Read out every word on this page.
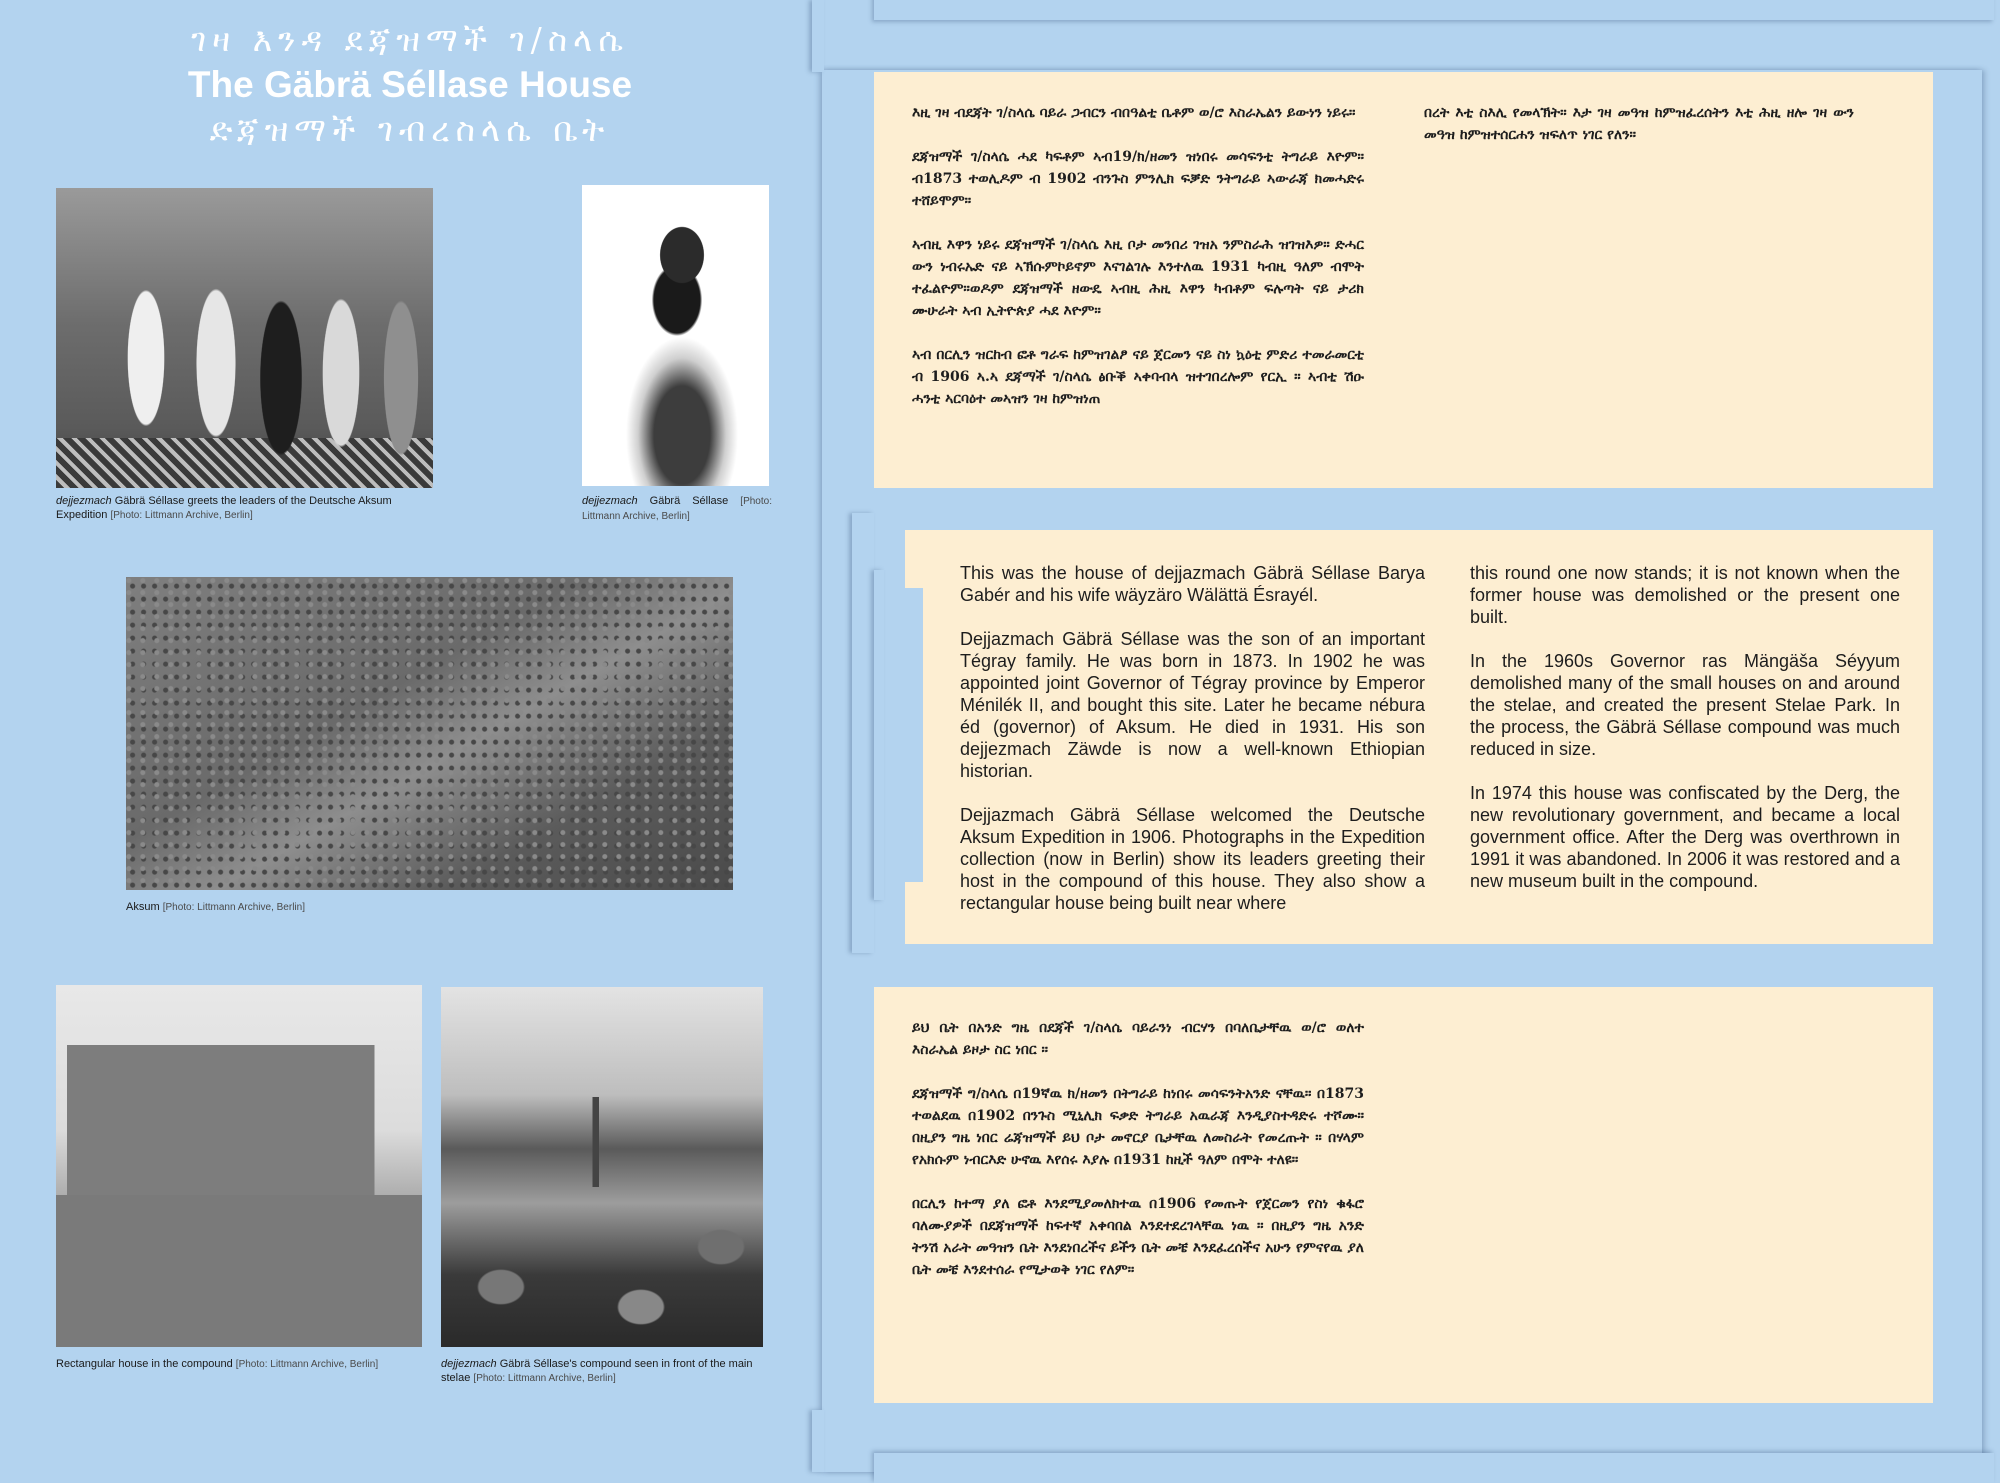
ገዛ እንዳ ደጃዝማች ገ/ስላሴ
The Gäbrä Séllase House
ድጃዝማች ገብረስላሴ ቤት
dejjezmach Gäbrä Séllase greets the leaders of the Deutsche Aksum Expedition [Photo: Littmann Archive, Berlin]
dejjezmach Gäbrä Séllase [Photo: Littmann Archive, Berlin]
Aksum [Photo: Littmann Archive, Berlin]
Rectangular house in the compound [Photo: Littmann Archive, Berlin]	dejjezmach Gäbrä Séllase's compound seen in front of the main stelae [Photo: Littmann Archive, Berlin]

እዚ ገዛ ብደጃት ገ/ስላሴ ባይራ ጋብርን ብበዓልቲ ቤቶም ወ/ሮ እስራኤልን ይውነን ነይሩ።

ደጃዝማች ገ/ስላሴ ሓደ ካፍቶም ኣብ19/ክ/ዘመን ዝነበሩ መሳፍንቲ ትግራይ እዮም። ብ1873 ተወሊዶም ብ 1902 ብንጉስ ምንሊክ ፍቓድ ንትግራይ ኣውራጃ ክመሓድሩ ተሸይሞም።

ኣብዚ እዋን ነይሩ ደጃዝማች ገ/ስላሴ እዚ ቦታ መንበሪ ገዝአ ንምስራሕ ዝገዝእዎ። ድሓር ውን ነብሩኡድ ናይ ኣኽሱምኮይኖም እናገልገሉ እንተለዉ 1931 ካብዚ ዓለም ብሞት ተፈልዮም።ወዶም ደጃዝማች ዘውዴ ኣብዚ ሕዚ እዋን ካብቶም ፍሉጣት ናይ ታሪክ ሙሁራት ኣብ ኢትዮጵያ ሓደ እዮም።

ኣብ በርሊን ዝርከብ ፎቶ ግራፍ ከምዝገልፆ ናይ ጀርመን ናይ ስነ ኳዕቲ ምድሪ ተመራመርቲ ብ 1906 ኣ.ኣ ደጃማች ገ/ስላሴ ፅቡቕ ኣቀባብላ ዝተገበረሎም የርኢ ። ኣብቲ ሽዑ ሓንቲ ኣርባዕተ መኣዝን ገዛ ከምዝነጠ

በረት እቲ ስእሊ የመላኽት። እታ ገዛ መዓዝ ከምዝፈረሰትን እቲ ሕዚ ዘሎ ገዛ ውን መዓዝ ከምዝተሰርሐን ዝፍለጥ ነገር የለን።

This was the house of dejjazmach Gäbrä Séllase Barya Gabér and his wife wäyzäro Wälättä Ésrayél.

Dejjazmach Gäbrä Séllase was the son of an important Tégray family. He was born in 1873. In 1902 he was appointed joint Governor of Tégray province by Emperor Ménilék II, and bought this site. Later he became nébura éd (governor) of Aksum. He died in 1931. His son dejjezmach Zäwde is now a well-known Ethiopian historian.

Dejjazmach Gäbrä Séllase welcomed the Deutsche Aksum Expedition in 1906. Photographs in the Expedition collection (now in Berlin) show its leaders greeting their host in the compound of this house. They also show a rectangular house being built near where

this round one now stands; it is not known when the former house was demolished or the present one built.

In the 1960s Governor ras Mängäša Séyyum demolished many of the small houses on and around the stelae, and created the present Stelae Park. In the process, the Gäbrä Séllase compound was much reduced in size.

In 1974 this house was confiscated by the Derg, the new revolutionary government, and became a local government office. After the Derg was overthrown in 1991 it was abandoned. In 2006 it was restored and a new museum built in the compound.

ይህ ቤት በአንድ ግዜ በደጃች ገ/ስላሴ ባይራንነ ብርሃን በባለቤታቸዉ ወ/ሮ ወለተ እስራኤል ይዞታ ስር ነበር ።

ደጃዝማች ግ/ስላሴ በ19ኛዉ ክ/ዘመን በትግራይ ከነበሩ መሳፍንትአንድ ናቸዉ። በ1873 ተወልደዉ በ1902 በንጉስ ሚኒሊክ ፍቃድ ትግራይ አዉራጃ እንዲያስተዳድሩ ተሾሙ። በዚያን ግዜ ነበር ሬጃዝማች ይህ ቦታ መኖርያ ቤታቸዉ ለመስራት የመረጡት ። በሃላም የአክሱም ነብርእድ ሁኖዉ እየሰሩ እያሉ በ1931 ከዚች ዓለም በሞት ተለዩ።

በርሊን ከተማ ያለ ፎቶ እንደሚያመለክተዉ በ1906 የመጡት የጀርመን የስነ ቁፋሮ ባለሙያዎች በደጃዝማች ከፍተኛ አቀባበል እንደተደረገላቸዉ ነዉ ። በዚያን ግዜ አንድ ትንሽ አራት መዓዝን ቤት እንደነበረችና ይችን ቤት መቼ እንደፈረሰችና አሁን የምናየዉ ያለ ቤት መቼ እንደተሰራ የሚታወቅ ነገር የለም።
